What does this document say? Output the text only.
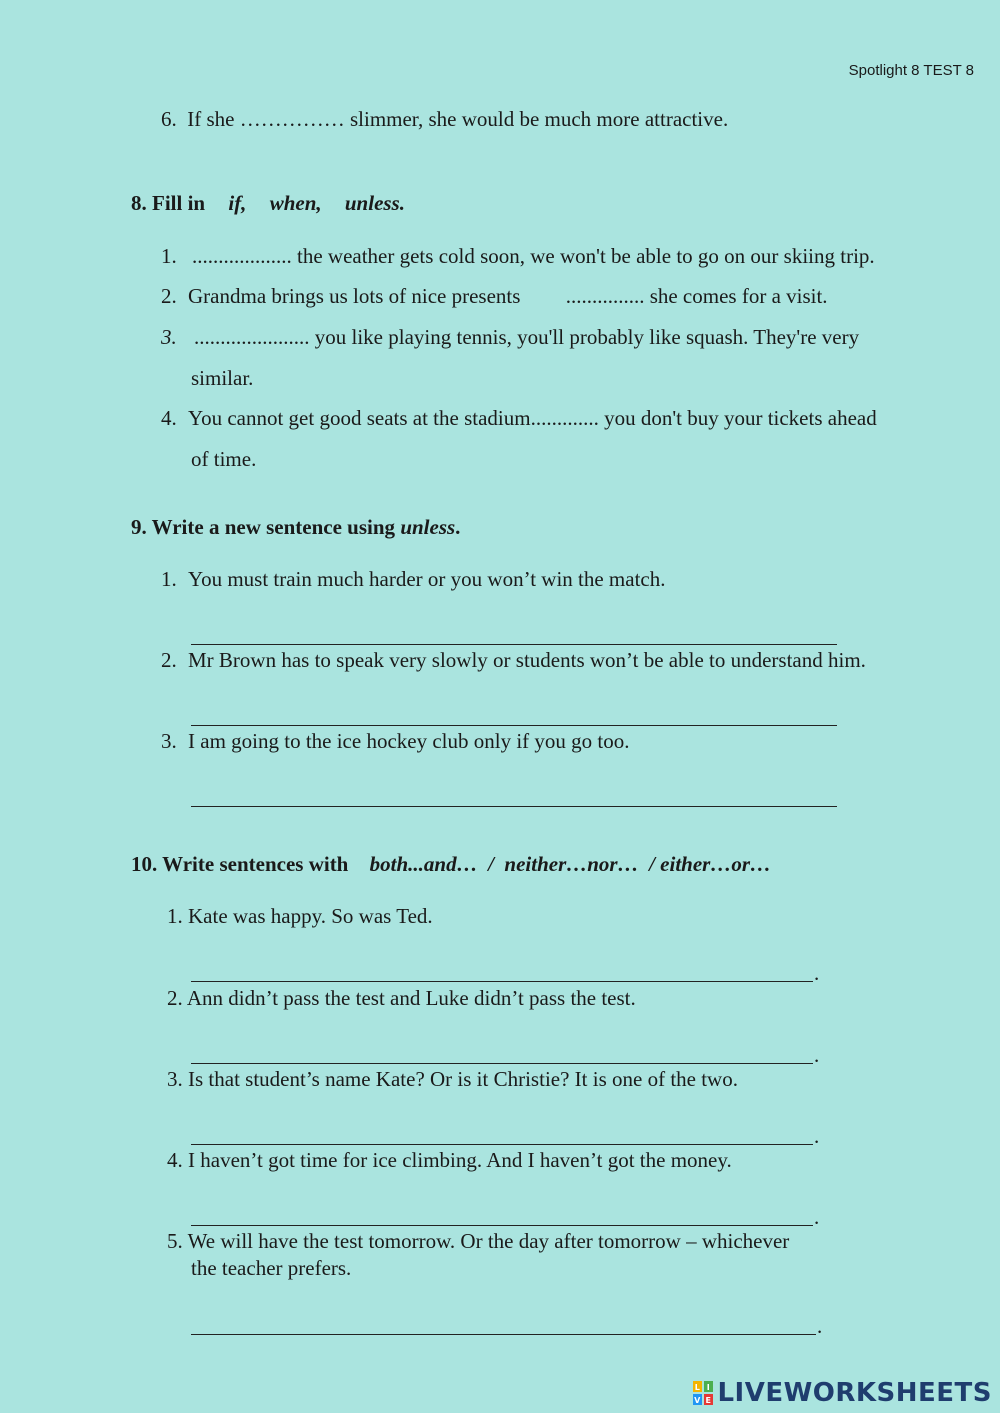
Spotlight 8 TEST 8
6. If she …………… slimmer, she would be much more attractive.
8. Fill in if, when, unless.
1. ................... the weather gets cold soon, we won't be able to go on our skiing trip.
2. Grandma brings us lots of nice presents ............... she comes for a visit.
3. ...................... you like playing tennis, you'll probably like squash. They're very
similar.
4. You cannot get good seats at the stadium............. you don't buy your tickets ahead
of time.
9. Write a new sentence using unless.
1. You must train much harder or you won’t win the match.
2. Mr Brown has to speak very slowly or students won’t be able to understand him.
3. I am going to the ice hockey club only if you go too.
10. Write sentences with both...and…  /  neither…nor…  / either…or…
1. Kate was happy. So was Ted.
.
2. Ann didn’t pass the test and Luke didn’t pass the test.
.
3. Is that student’s name Kate? Or is it Christie? It is one of the two.
.
4. I haven’t got time for ice climbing. And I haven’t got the money.
.
5. We will have the test tomorrow. Or the day after tomorrow – whichever
the teacher prefers.
.
L I
V E LIVEWORKSHEETS
